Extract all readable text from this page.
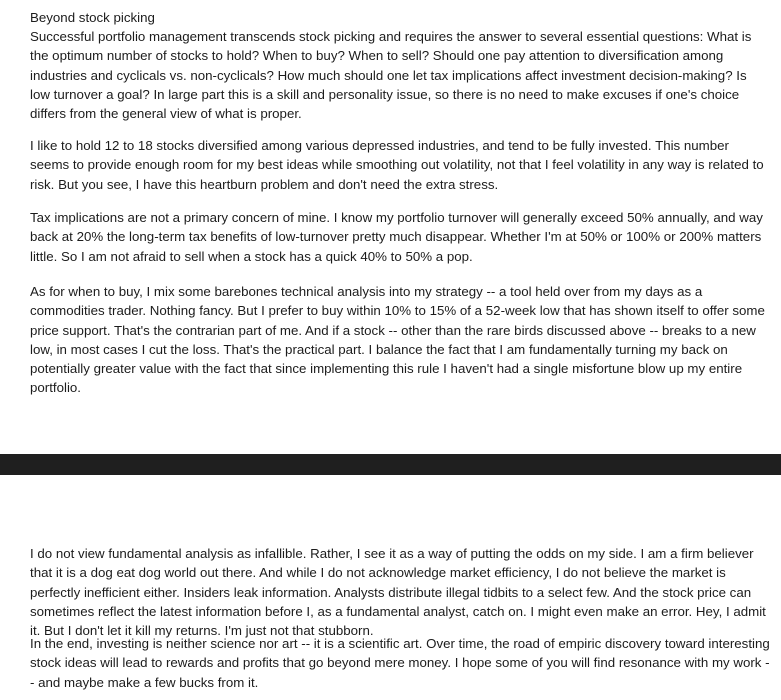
Beyond stock picking

Successful portfolio management transcends stock picking and requires the answer to several essential questions: What is the optimum number of stocks to hold? When to buy? When to sell? Should one pay attention to diversification among industries and cyclicals vs. non-cyclicals? How much should one let tax implications affect investment decision-making? Is low turnover a goal? In large part this is a skill and personality issue, so there is no need to make excuses if one's choice differs from the general view of what is proper.

I like to hold 12 to 18 stocks diversified among various depressed industries, and tend to be fully invested. This number seems to provide enough room for my best ideas while smoothing out volatility, not that I feel volatility in any way is related to risk. But you see, I have this heartburn problem and don't need the extra stress.

Tax implications are not a primary concern of mine. I know my portfolio turnover will generally exceed 50% annually, and way back at 20% the long-term tax benefits of low-turnover pretty much disappear. Whether I'm at 50% or 100% or 200% matters little. So I am not afraid to sell when a stock has a quick 40% to 50% a pop.

As for when to buy, I mix some barebones technical analysis into my strategy -- a tool held over from my days as a commodities trader. Nothing fancy. But I prefer to buy within 10% to 15% of a 52-week low that has shown itself to offer some price support. That's the contrarian part of me. And if a stock -- other than the rare birds discussed above -- breaks to a new low, in most cases I cut the loss. That's the practical part. I balance the fact that I am fundamentally turning my back on potentially greater value with the fact that since implementing this rule I haven't had a single misfortune blow up my entire portfolio.

I do not view fundamental analysis as infallible. Rather, I see it as a way of putting the odds on my side. I am a firm believer that it is a dog eat dog world out there. And while I do not acknowledge market efficiency, I do not believe the market is perfectly inefficient either. Insiders leak information. Analysts distribute illegal tidbits to a select few. And the stock price can sometimes reflect the latest information before I, as a fundamental analyst, catch on. I might even make an error. Hey, I admit it. But I don't let it kill my returns. I'm just not that stubborn.

In the end, investing is neither science nor art -- it is a scientific art. Over time, the road of empiric discovery toward interesting stock ideas will lead to rewards and profits that go beyond mere money. I hope some of you will find resonance with my work -- and maybe make a few bucks from it.
